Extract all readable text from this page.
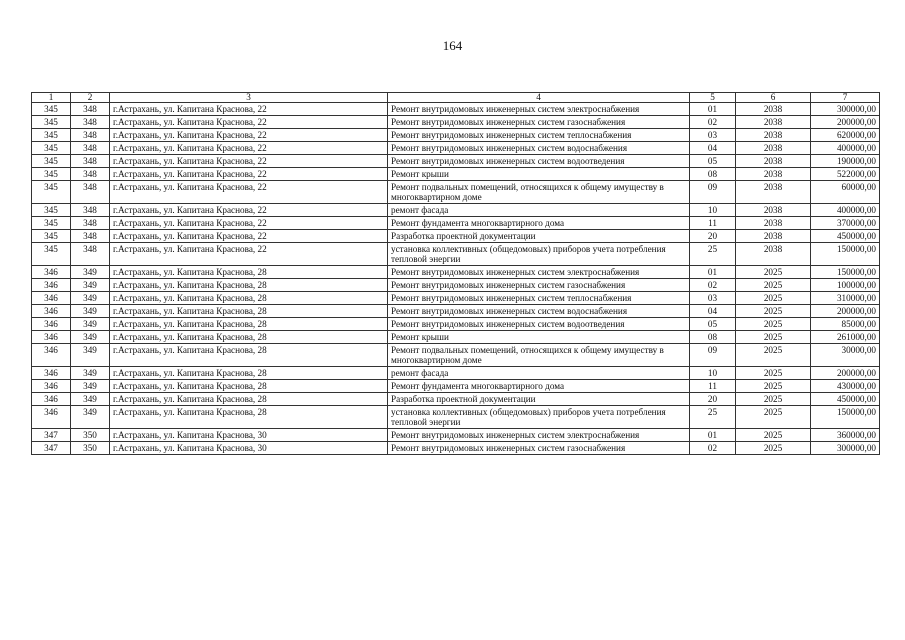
164
1	2	3	4	5	6	7
345	348	г.Астрахань, ул. Капитана Краснова, 22	Ремонт внутридомовых инженерных систем электроснабжения	01	2038	300000,00
345	348	г.Астрахань, ул. Капитана Краснова, 22	Ремонт внутридомовых инженерных систем газоснабжения	02	2038	200000,00
345	348	г.Астрахань, ул. Капитана Краснова, 22	Ремонт внутридомовых инженерных систем теплоснабжения	03	2038	620000,00
345	348	г.Астрахань, ул. Капитана Краснова, 22	Ремонт внутридомовых инженерных систем водоснабжения	04	2038	400000,00
345	348	г.Астрахань, ул. Капитана Краснова, 22	Ремонт внутридомовых инженерных систем водоотведения	05	2038	190000,00
345	348	г.Астрахань, ул. Капитана Краснова, 22	Ремонт крыши	08	2038	522000,00
345	348	г.Астрахань, ул. Капитана Краснова, 22	Ремонт подвальных помещений, относящихся к общему имуществу в многоквартирном доме	09	2038	60000,00
345	348	г.Астрахань, ул. Капитана Краснова, 22	ремонт фасада	10	2038	400000,00
345	348	г.Астрахань, ул. Капитана Краснова, 22	Ремонт фундамента многоквартирного дома	11	2038	370000,00
345	348	г.Астрахань, ул. Капитана Краснова, 22	Разработка проектной документации	20	2038	450000,00
345	348	г.Астрахань, ул. Капитана Краснова, 22	установка коллективных (общедомовых) приборов учета потребления тепловой энергии	25	2038	150000,00
346	349	г.Астрахань, ул. Капитана Краснова, 28	Ремонт внутридомовых инженерных систем электроснабжения	01	2025	150000,00
346	349	г.Астрахань, ул. Капитана Краснова, 28	Ремонт внутридомовых инженерных систем газоснабжения	02	2025	100000,00
346	349	г.Астрахань, ул. Капитана Краснова, 28	Ремонт внутридомовых инженерных систем теплоснабжения	03	2025	310000,00
346	349	г.Астрахань, ул. Капитана Краснова, 28	Ремонт внутридомовых инженерных систем водоснабжения	04	2025	200000,00
346	349	г.Астрахань, ул. Капитана Краснова, 28	Ремонт внутридомовых инженерных систем водоотведения	05	2025	85000,00
346	349	г.Астрахань, ул. Капитана Краснова, 28	Ремонт крыши	08	2025	261000,00
346	349	г.Астрахань, ул. Капитана Краснова, 28	Ремонт подвальных помещений, относящихся к общему имуществу в многоквартирном доме	09	2025	30000,00
346	349	г.Астрахань, ул. Капитана Краснова, 28	ремонт фасада	10	2025	200000,00
346	349	г.Астрахань, ул. Капитана Краснова, 28	Ремонт фундамента многоквартирного дома	11	2025	430000,00
346	349	г.Астрахань, ул. Капитана Краснова, 28	Разработка проектной документации	20	2025	450000,00
346	349	г.Астрахань, ул. Капитана Краснова, 28	установка коллективных (общедомовых) приборов учета потребления тепловой энергии	25	2025	150000,00
347	350	г.Астрахань, ул. Капитана Краснова, 30	Ремонт внутридомовых инженерных систем электроснабжения	01	2025	360000,00
347	350	г.Астрахань, ул. Капитана Краснова, 30	Ремонт внутридомовых инженерных систем газоснабжения	02	2025	300000,00
